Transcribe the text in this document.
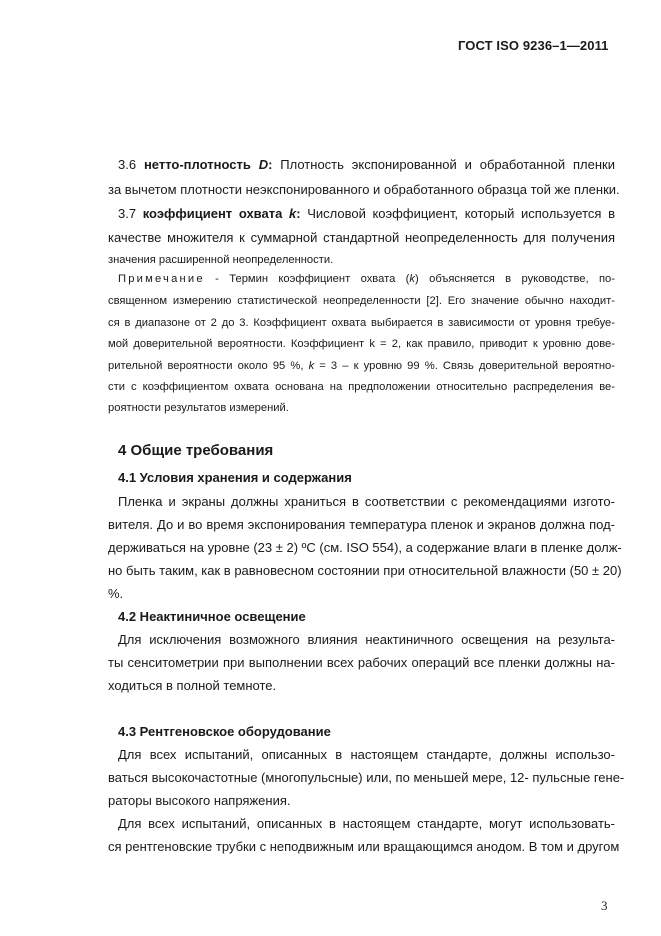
ГОСТ ISO 9236–1—2011
3.6 нетто-плотность D: Плотность экспонированной и обработанной пленки
за вычетом плотности неэкспонированного и обработанного образца той же пленки.
3.7 коэффициент охвата k: Числовой коэффициент, который используется в
качестве множителя к суммарной стандартной неопределенность для получения
значения расширенной неопределенности.
Примечание - Термин коэффициент охвата (k) объясняется в руководстве, по-
священном измерению статистической неопределенности [2]. Его значение обычно находит-
ся в диапазоне от 2 до 3. Коэффициент охвата выбирается в зависимости от уровня требуе-
мой доверительной вероятности. Коэффициент k = 2, как правило, приводит к уровню дове-
рительной вероятности около 95 %, k = 3 – к уровню 99 %. Связь доверительной вероятно-
сти с коэффициентом охвата основана на предположении относительно распределения ве-
роятности результатов измерений.
4 Общие требования
4.1 Условия хранения и содержания
Пленка и экраны должны храниться в соответствии с рекомендациями изгото-
вителя. До и во время экспонирования температура пленок и экранов должна под-
держиваться на уровне (23 ± 2) ºС (см. ISO 554), а содержание влаги в пленке долж-
но быть таким, как в равновесном состоянии при относительной влажности (50 ± 20)
%.
4.2 Неактиничное освещение
Для исключения возможного влияния неактиничного освещения на результа-
ты сенситометрии при выполнении всех рабочих операций все пленки должны на-
ходиться в полной темноте.
4.3 Рентгеновское оборудование
Для всех испытаний, описанных в настоящем стандарте, должны использо-
ваться высокочастотные (многопульсные) или, по меньшей мере, 12- пульсные гене-
раторы высокого напряжения.
Для всех испытаний, описанных в настоящем стандарте, могут использовать-
ся рентгеновские трубки с неподвижным или вращающимся анодом. В том и другом
3
